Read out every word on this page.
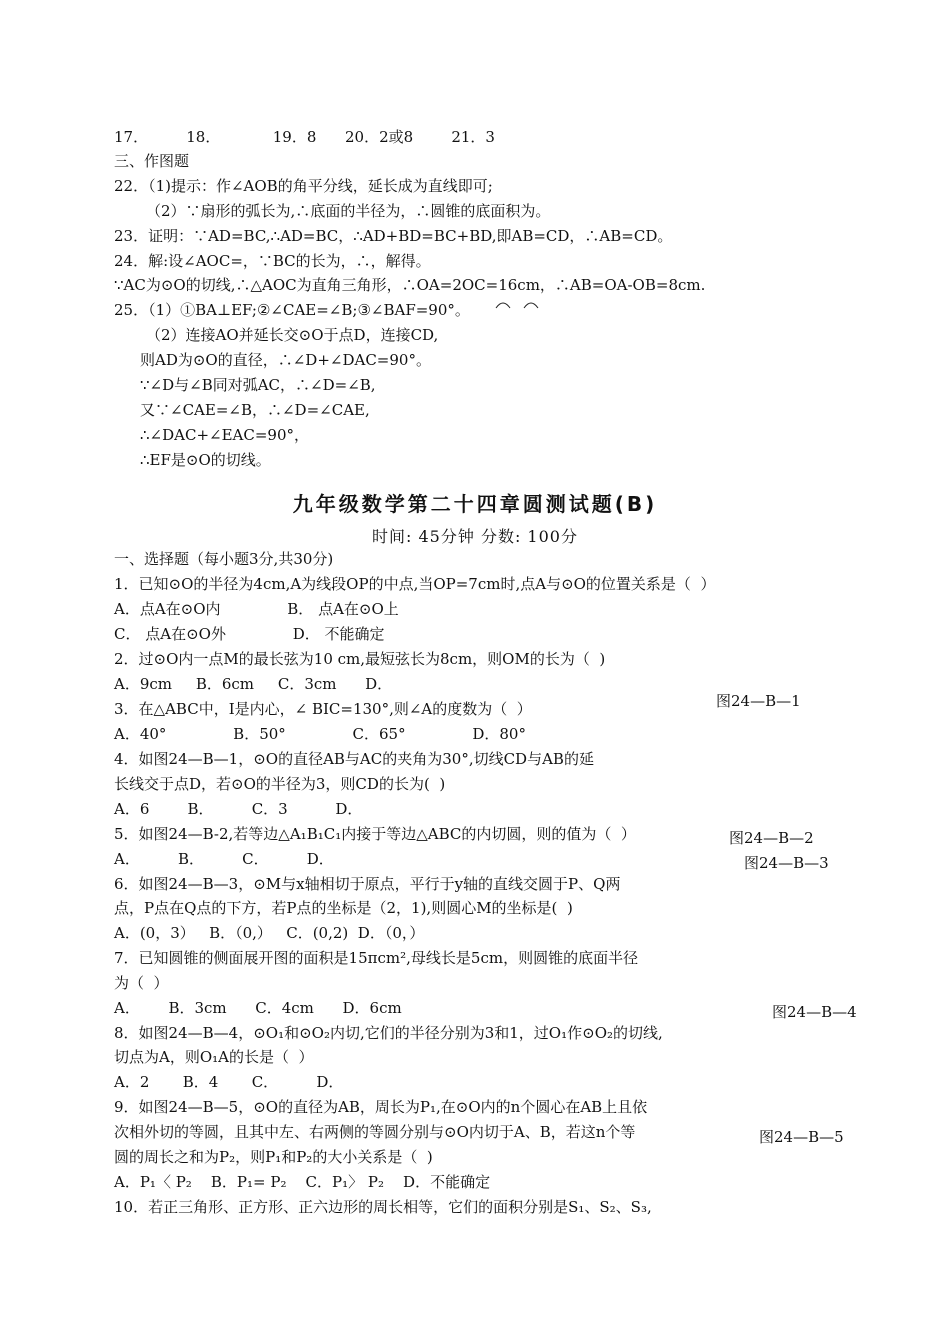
17．        18．           19．8      20．2或8        21．3
三、作图题
22．（1)提示：作∠AOB的角平分线，延长成为直线即可;
（2）∵扇形的弧长为,∴底面的半径为，∴圆锥的底面积为。
23．证明：∵AD=BC,∴AD=BC，∴AD+BD=BC+BD,即AB=CD，∴AB=CD。
24．解:设∠AOC=，∵BC的长为，∴，解得。
∵AC为⊙O的切线,∴△AOC为直角三角形，∴OA=2OC=16cm，∴AB=OA-OB=8cm.
25．（1）①BA⊥EF;②∠CAE=∠B;③∠BAF=90°。
（2）连接AO并延长交⊙O于点D，连接CD,
则AD为⊙O的直径，∴∠D+∠DAC=90°。
∵∠D与∠B同对弧AC，∴∠D=∠B,
又∵∠CAE=∠B，∴∠D=∠CAE,
∴∠DAC+∠EAC=90°，
∴EF是⊙O的切线。
九年级数学第二十四章圆测试题(B)
时间: 45分钟 分数: 100分
一、选择题（每小题3分,共30分)
1．已知⊙O的半径为4cm,A为线段OP的中点,当OP=7cm时,点A与⊙O的位置关系是（  ）
A．点A在⊙O内              B． 点A在⊙O上
C． 点A在⊙O外              D． 不能确定
2．过⊙O内一点M的最长弦为10 cm,最短弦长为8cm，则OM的长为（  )
A．9cm     B．6cm     C．3cm      D．
3．在△ABC中，I是内心，∠ BIC=130°,则∠A的度数为（  ）
A．40°              B．50°              C．65°              D．80°
4．如图24—B—1，⊙O的直径AB与AC的夹角为30°,切线CD与AB的延
长线交于点D，若⊙O的半径为3，则CD的长为(  )
A．6        B．        C．3          D．
5．如图24—B-2,若等边△A₁B₁C₁内接于等边△ABC的内切圆，则的值为（  ）
A．        B．        C．        D．
6．如图24—B—3，⊙M与x轴相切于原点，平行于y轴的直线交圆于P、Q两
点，P点在Q点的下方，若P点的坐标是（2，1),则圆心M的坐标是(  )
A．(0，3）   B．（0,）   C．(0,2)  D．（0，）
7．已知圆锥的侧面展开图的面积是15πcm²,母线长是5cm，则圆锥的底面半径
为（  ）
A．      B．3cm      C．4cm      D．6cm
8．如图24—B—4，⊙O₁和⊙O₂内切,它们的半径分别为3和1，过O₁作⊙O₂的切线,
切点为A，则O₁A的长是（  ）
A．2       B．4       C．        D．
9．如图24—B—5，⊙O的直径为AB，周长为P₁,在⊙O内的n个圆心在AB上且依
次相外切的等圆，且其中左、右两侧的等圆分别与⊙O内切于A、B，若这n个等
圆的周长之和为P₂，则P₁和P₂的大小关系是（  )
A．P₁〈 P₂    B．P₁= P₂    C．P₁〉 P₂    D．不能确定
10．若正三角形、正方形、正六边形的周长相等，它们的面积分别是S₁、S₂、S₃,
图24—B—1
图24—B—2
图24—B—3
图24—B—4
图24—B—5
